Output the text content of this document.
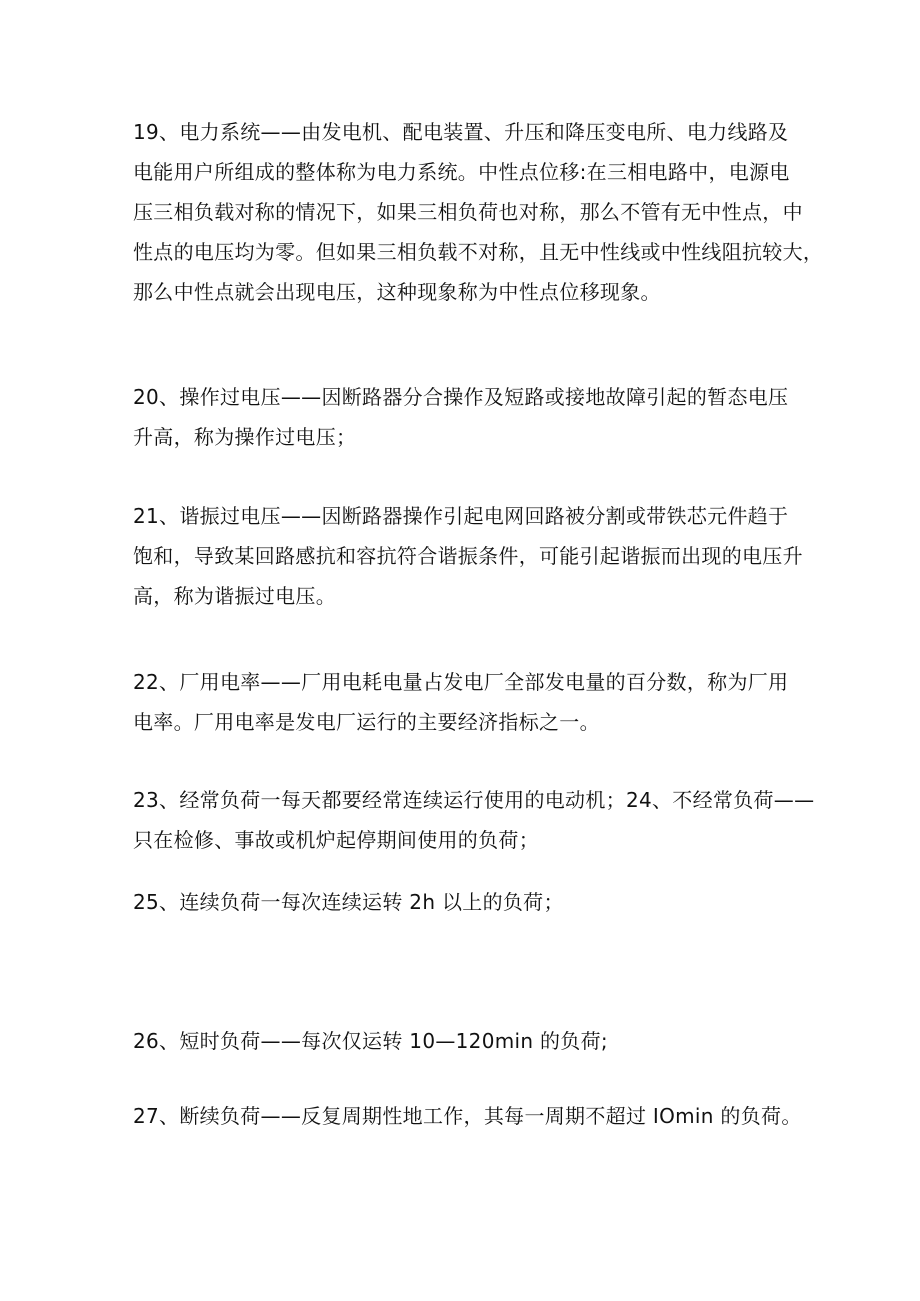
19、电力系统——由发电机、配电装置、升压和降压变电所、电力线路及
电能用户所组成的整体称为电力系统。中性点位移:在三相电路中，电源电
压三相负载对称的情况下，如果三相负荷也对称，那么不管有无中性点，中
性点的电压均为零。但如果三相负载不对称，且无中性线或中性线阻抗较大，
那么中性点就会出现电压，这种现象称为中性点位移现象。
20、操作过电压——因断路器分合操作及短路或接地故障引起的暂态电压
升高，称为操作过电压；
21、谐振过电压——因断路器操作引起电网回路被分割或带铁芯元件趋于
饱和，导致某回路感抗和容抗符合谐振条件，可能引起谐振而出现的电压升
高，称为谐振过电压。
22、厂用电率——厂用电耗电量占发电厂全部发电量的百分数，称为厂用
电率。厂用电率是发电厂运行的主要经济指标之一。
23、经常负荷一每天都要经常连续运行使用的电动机；24、不经常负荷——
只在检修、事故或机炉起停期间使用的负荷；
25、连续负荷一每次连续运转 2h 以上的负荷；
26、短时负荷——每次仅运转 10—120min 的负荷;
27、断续负荷——反复周期性地工作，其每一周期不超过 IOmin 的负荷。
